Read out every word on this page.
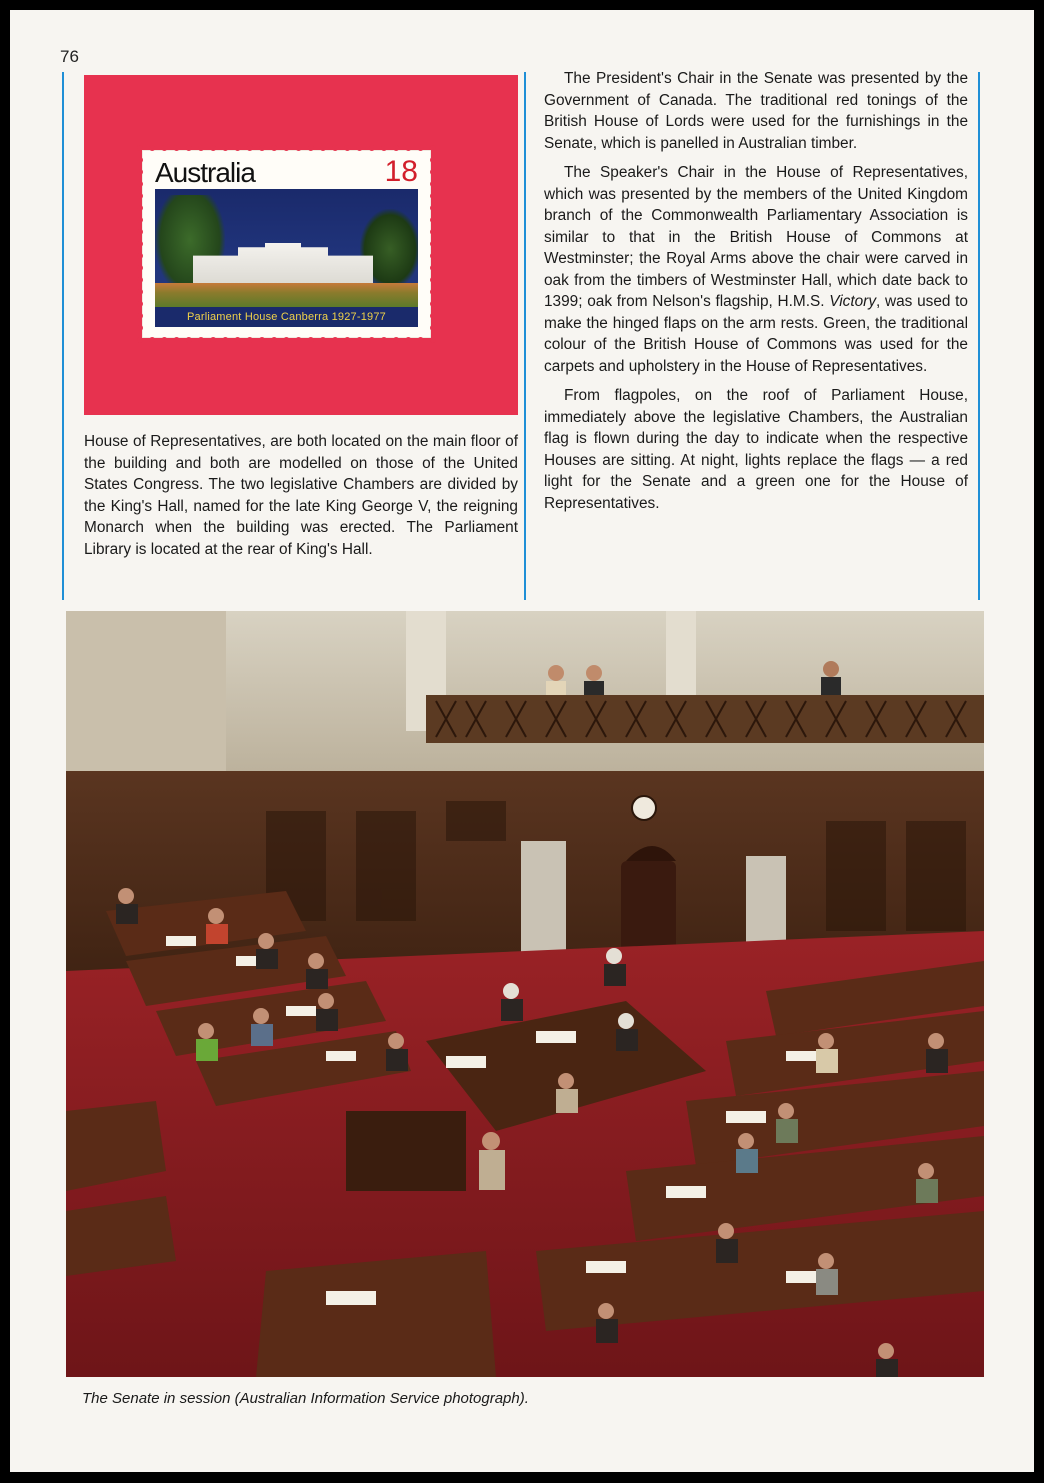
76
Australia	18
Parliament House Canberra 1927-1977

House of Representatives, are both located on the main floor of the building and both are modelled on those of the United States Congress. The two legislative Chambers are divided by the King's Hall, named for the late King George V, the reigning Monarch when the building was erected. The Parliament Library is located at the rear of King's Hall.

The President's Chair in the Senate was presented by the Government of Canada. The traditional red tonings of the British House of Lords were used for the furnishings in the Senate, which is panelled in Australian timber.

The Speaker's Chair in the House of Representatives, which was presented by the members of the United Kingdom branch of the Commonwealth Parliamentary Association is similar to that in the British House of Commons at Westminster; the Royal Arms above the chair were carved in oak from the timbers of Westminster Hall, which date back to 1399; oak from Nelson's flagship, H.M.S. Victory, was used to make the hinged flaps on the arm rests. Green, the traditional colour of the British House of Commons was used for the carpets and upholstery in the House of Representatives.

From flagpoles, on the roof of Parliament House, immediately above the legislative Chambers, the Australian flag is flown during the day to indicate when the respective Houses are sitting. At night, lights replace the flags — a red light for the Senate and a green one for the House of Representatives.

The Senate in session (Australian Information Service photograph).
